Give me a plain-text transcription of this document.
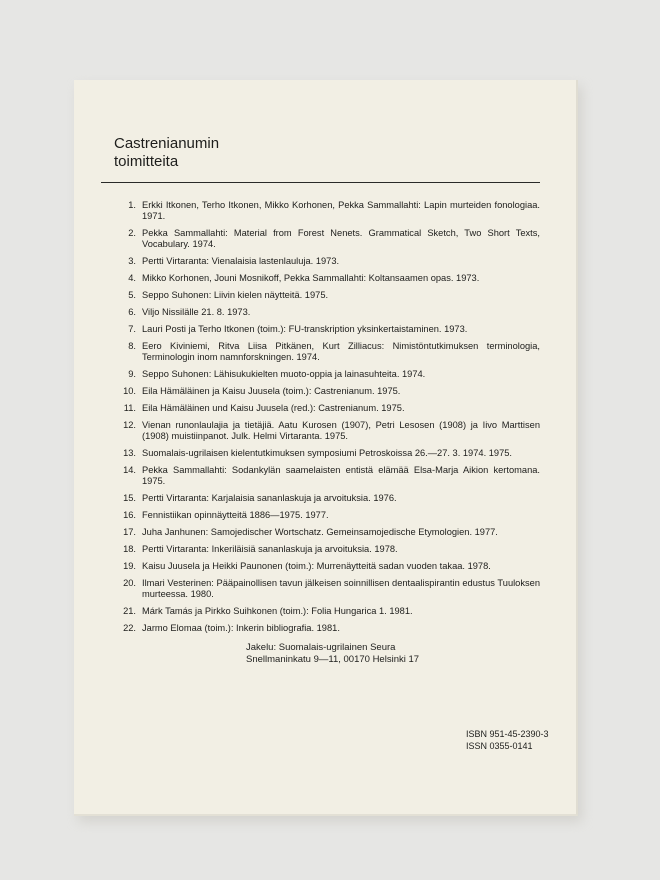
Castrenianumin
toimitteita
1. Erkki Itkonen, Terho Itkonen, Mikko Korhonen, Pekka Sammallahti: Lapin murteiden fonologiaa. 1971.
2. Pekka Sammallahti: Material from Forest Nenets. Grammatical Sketch, Two Short Texts, Vocabulary. 1974.
3. Pertti Virtaranta: Vienalaisia lastenlauluja. 1973.
4. Mikko Korhonen, Jouni Mosnikoff, Pekka Sammallahti: Koltansaamen opas. 1973.
5. Seppo Suhonen: Liivin kielen näytteitä. 1975.
6. Viljo Nissilälle 21. 8. 1973.
7. Lauri Posti ja Terho Itkonen (toim.): FU-transkription yksinkertaistaminen. 1973.
8. Eero Kiviniemi, Ritva Liisa Pitkänen, Kurt Zilliacus: Nimistöntutkimuksen terminologia, Terminologin inom namnforskningen. 1974.
9. Seppo Suhonen: Lähisukukielten muoto-oppia ja lainasuhteita. 1974.
10. Eila Hämäläinen ja Kaisu Juusela (toim.): Castrenianum. 1975.
11. Eila Hämäläinen und Kaisu Juusela (red.): Castrenianum. 1975.
12. Vienan runonlaulajia ja tietäjiä. Aatu Kurosen (1907), Petri Lesosen (1908) ja Iivo Marttisen (1908) muistiinpanot. Julk. Helmi Virtaranta. 1975.
13. Suomalais-ugrilaisen kielentutkimuksen symposiumi Petroskoissa 26.—27. 3. 1974. 1975.
14. Pekka Sammallahti: Sodankylän saamelaisten entistä elämää Elsa-Marja Aikion kertomana. 1975.
15. Pertti Virtaranta: Karjalaisia sananlaskuja ja arvoituksia. 1976.
16. Fennistiikan opinnäytteitä 1886—1975. 1977.
17. Juha Janhunen: Samojedischer Wortschatz. Gemeinsamojedische Etymologien. 1977.
18. Pertti Virtaranta: Inkeriläisiä sananlaskuja ja arvoituksia. 1978.
19. Kaisu Juusela ja Heikki Paunonen (toim.): Murrenäytteitä sadan vuoden takaa. 1978.
20. Ilmari Vesterinen: Pääpainollisen tavun jälkeisen soinnillisen dentaalispirantin edustus Tuuloksen murteessa. 1980.
21. Márk Tamás ja Pirkko Suihkonen (toim.): Folia Hungarica 1. 1981.
22. Jarmo Elomaa (toim.): Inkerin bibliografia. 1981.
Jakelu: Suomalais-ugrilainen Seura
Snellmaninkatu 9—11, 00170 Helsinki 17
ISBN 951-45-2390-3
ISSN 0355-0141
